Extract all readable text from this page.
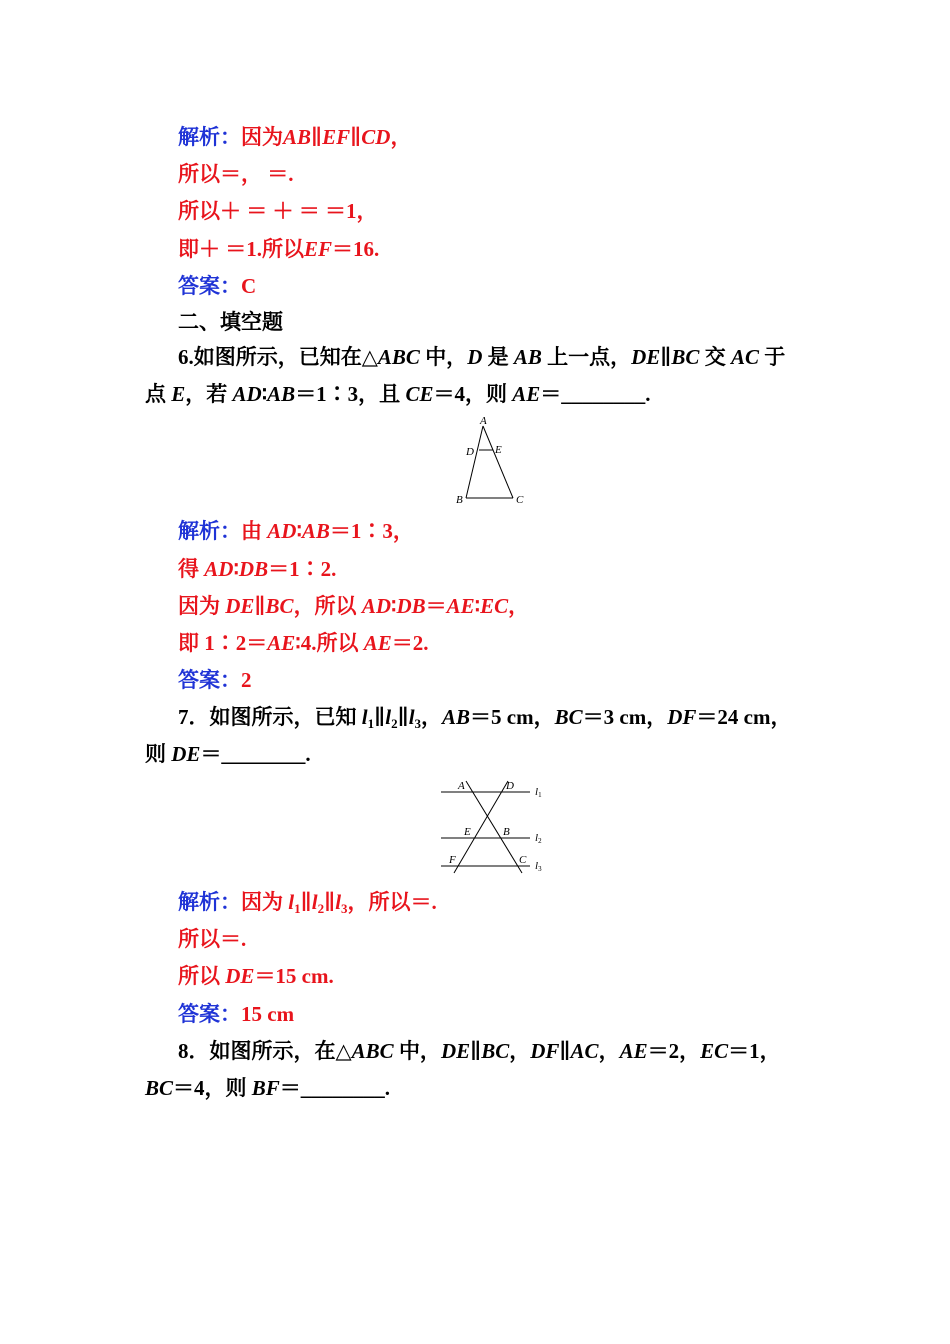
解析：因为AB∥EF∥CD，
所以＝， ＝.
所以＋ ＝ ＋ ＝ ＝1，
即＋ ＝1.所以EF＝16.
答案：C
二、填空题
6.如图所示，已知在△ABC 中，D 是 AB 上一点，DE∥BC 交 AC 于
点 E，若 AD∶AB＝1∶3，且 CE＝4，则 AE＝________.
A
D E
B	C
解析：由 AD∶AB＝1∶3，
得 AD∶DB＝1∶2.
因为 DE∥BC，所以 AD∶DB＝AE∶EC，
即 1∶2＝AE∶4.所以 AE＝2.
答案：2
7．如图所示，已知 $l_1\parallel l_2\parallel l_3$，AB＝5 cm，BC＝3 cm，DF＝24 cm，
则 DE＝________.
A	D
E	B
F	C
l1
l2
l3
解析：因为 $l_1\parallel l_2\parallel l_3$，所以＝.
所以＝.
所以 DE＝15 cm.
答案：15 cm
8．如图所示，在△ABC 中，DE∥BC，DF∥AC，AE＝2，EC＝1，
BC＝4，则 BF＝________.
